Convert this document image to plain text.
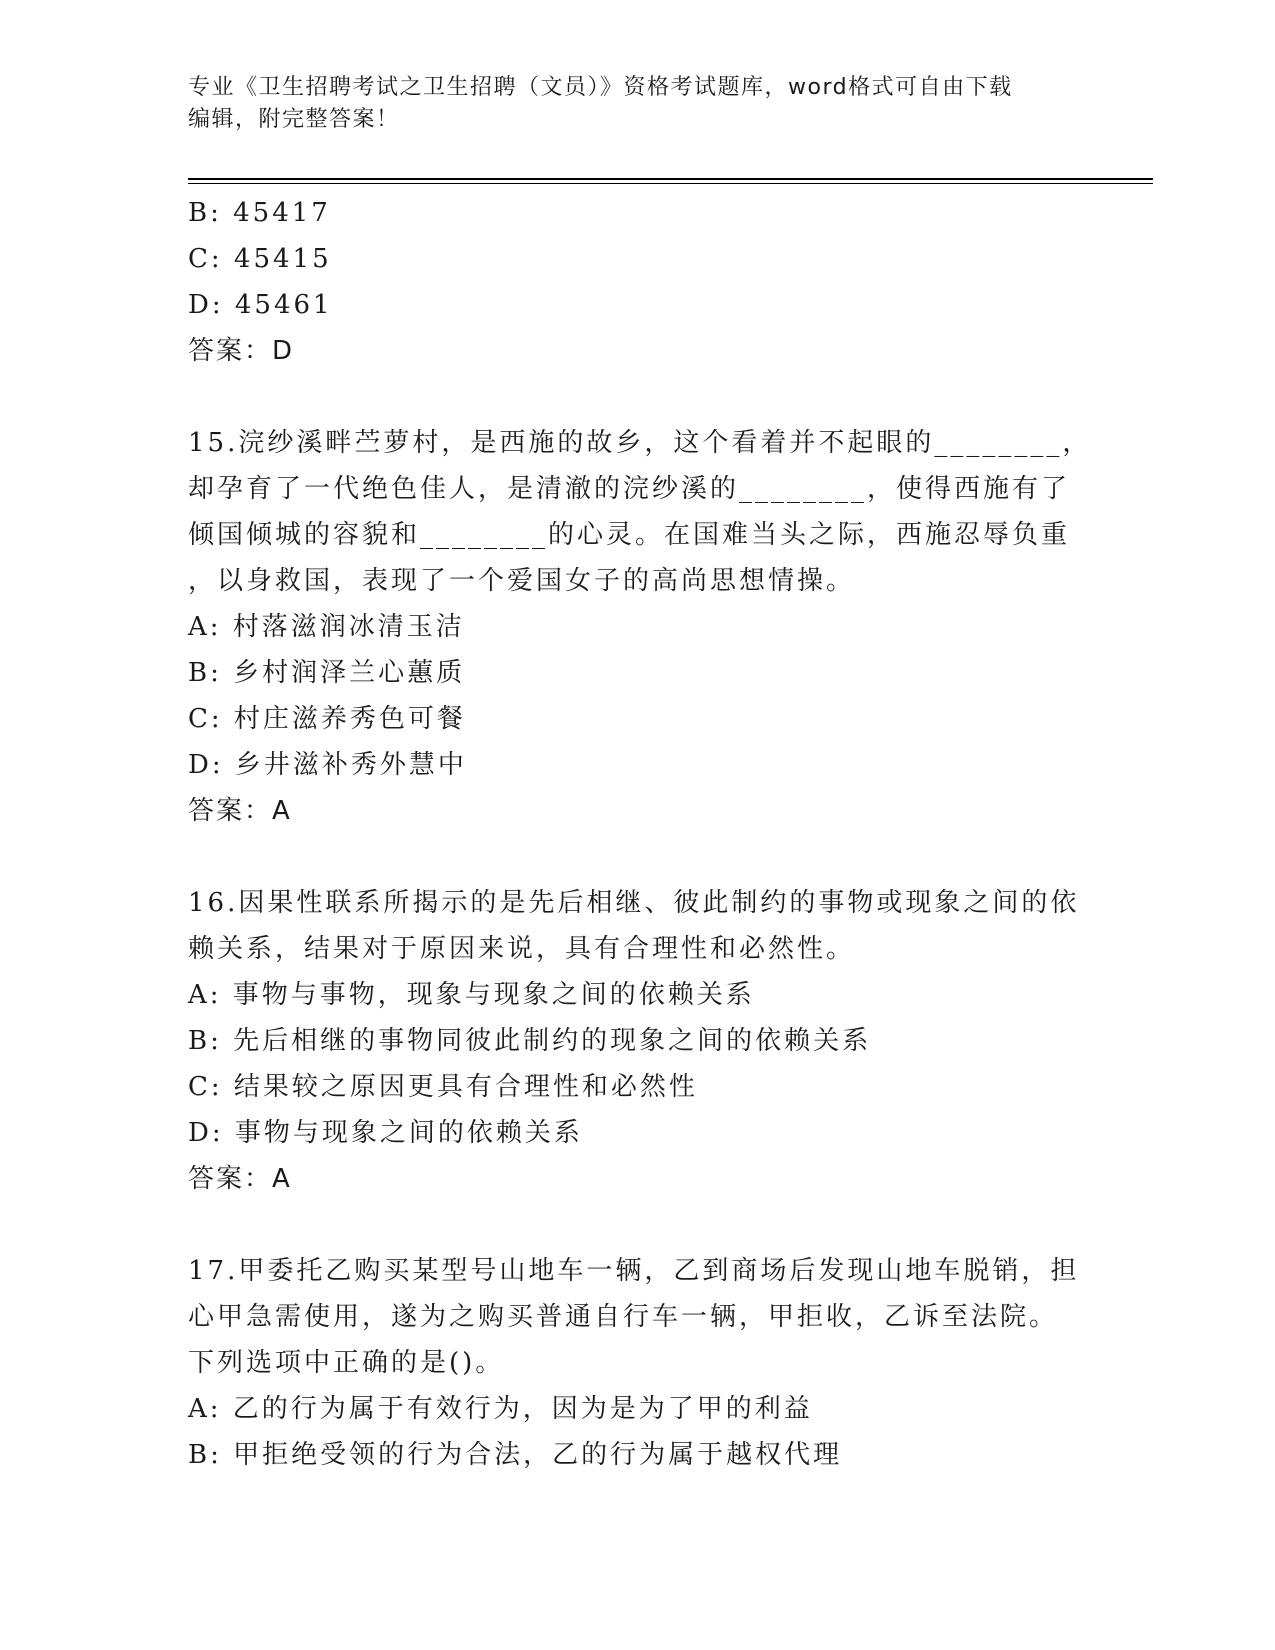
专业《卫生招聘考试之卫生招聘（文员）》资格考试题库，word格式可自由下载
编辑，附完整答案！
B: 45417
C: 45415
D: 45461
答案：D
15.浣纱溪畔苎萝村，是西施的故乡，这个看着并不起眼的________，
却孕育了一代绝色佳人，是清澈的浣纱溪的________，使得西施有了
倾国倾城的容貌和________的心灵。在国难当头之际，西施忍辱负重
，以身救国，表现了一个爱国女子的高尚思想情操。
A: 村落滋润冰清玉洁
B: 乡村润泽兰心蕙质
C: 村庄滋养秀色可餐
D: 乡井滋补秀外慧中
答案：A
16.因果性联系所揭示的是先后相继、彼此制约的事物或现象之间的依
赖关系，结果对于原因来说，具有合理性和必然性。
A: 事物与事物，现象与现象之间的依赖关系
B: 先后相继的事物同彼此制约的现象之间的依赖关系
C: 结果较之原因更具有合理性和必然性
D: 事物与现象之间的依赖关系
答案：A
17.甲委托乙购买某型号山地车一辆，乙到商场后发现山地车脱销，担
心甲急需使用，遂为之购买普通自行车一辆，甲拒收，乙诉至法院。
下列选项中正确的是()。
A: 乙的行为属于有效行为，因为是为了甲的利益
B: 甲拒绝受领的行为合法，乙的行为属于越权代理
